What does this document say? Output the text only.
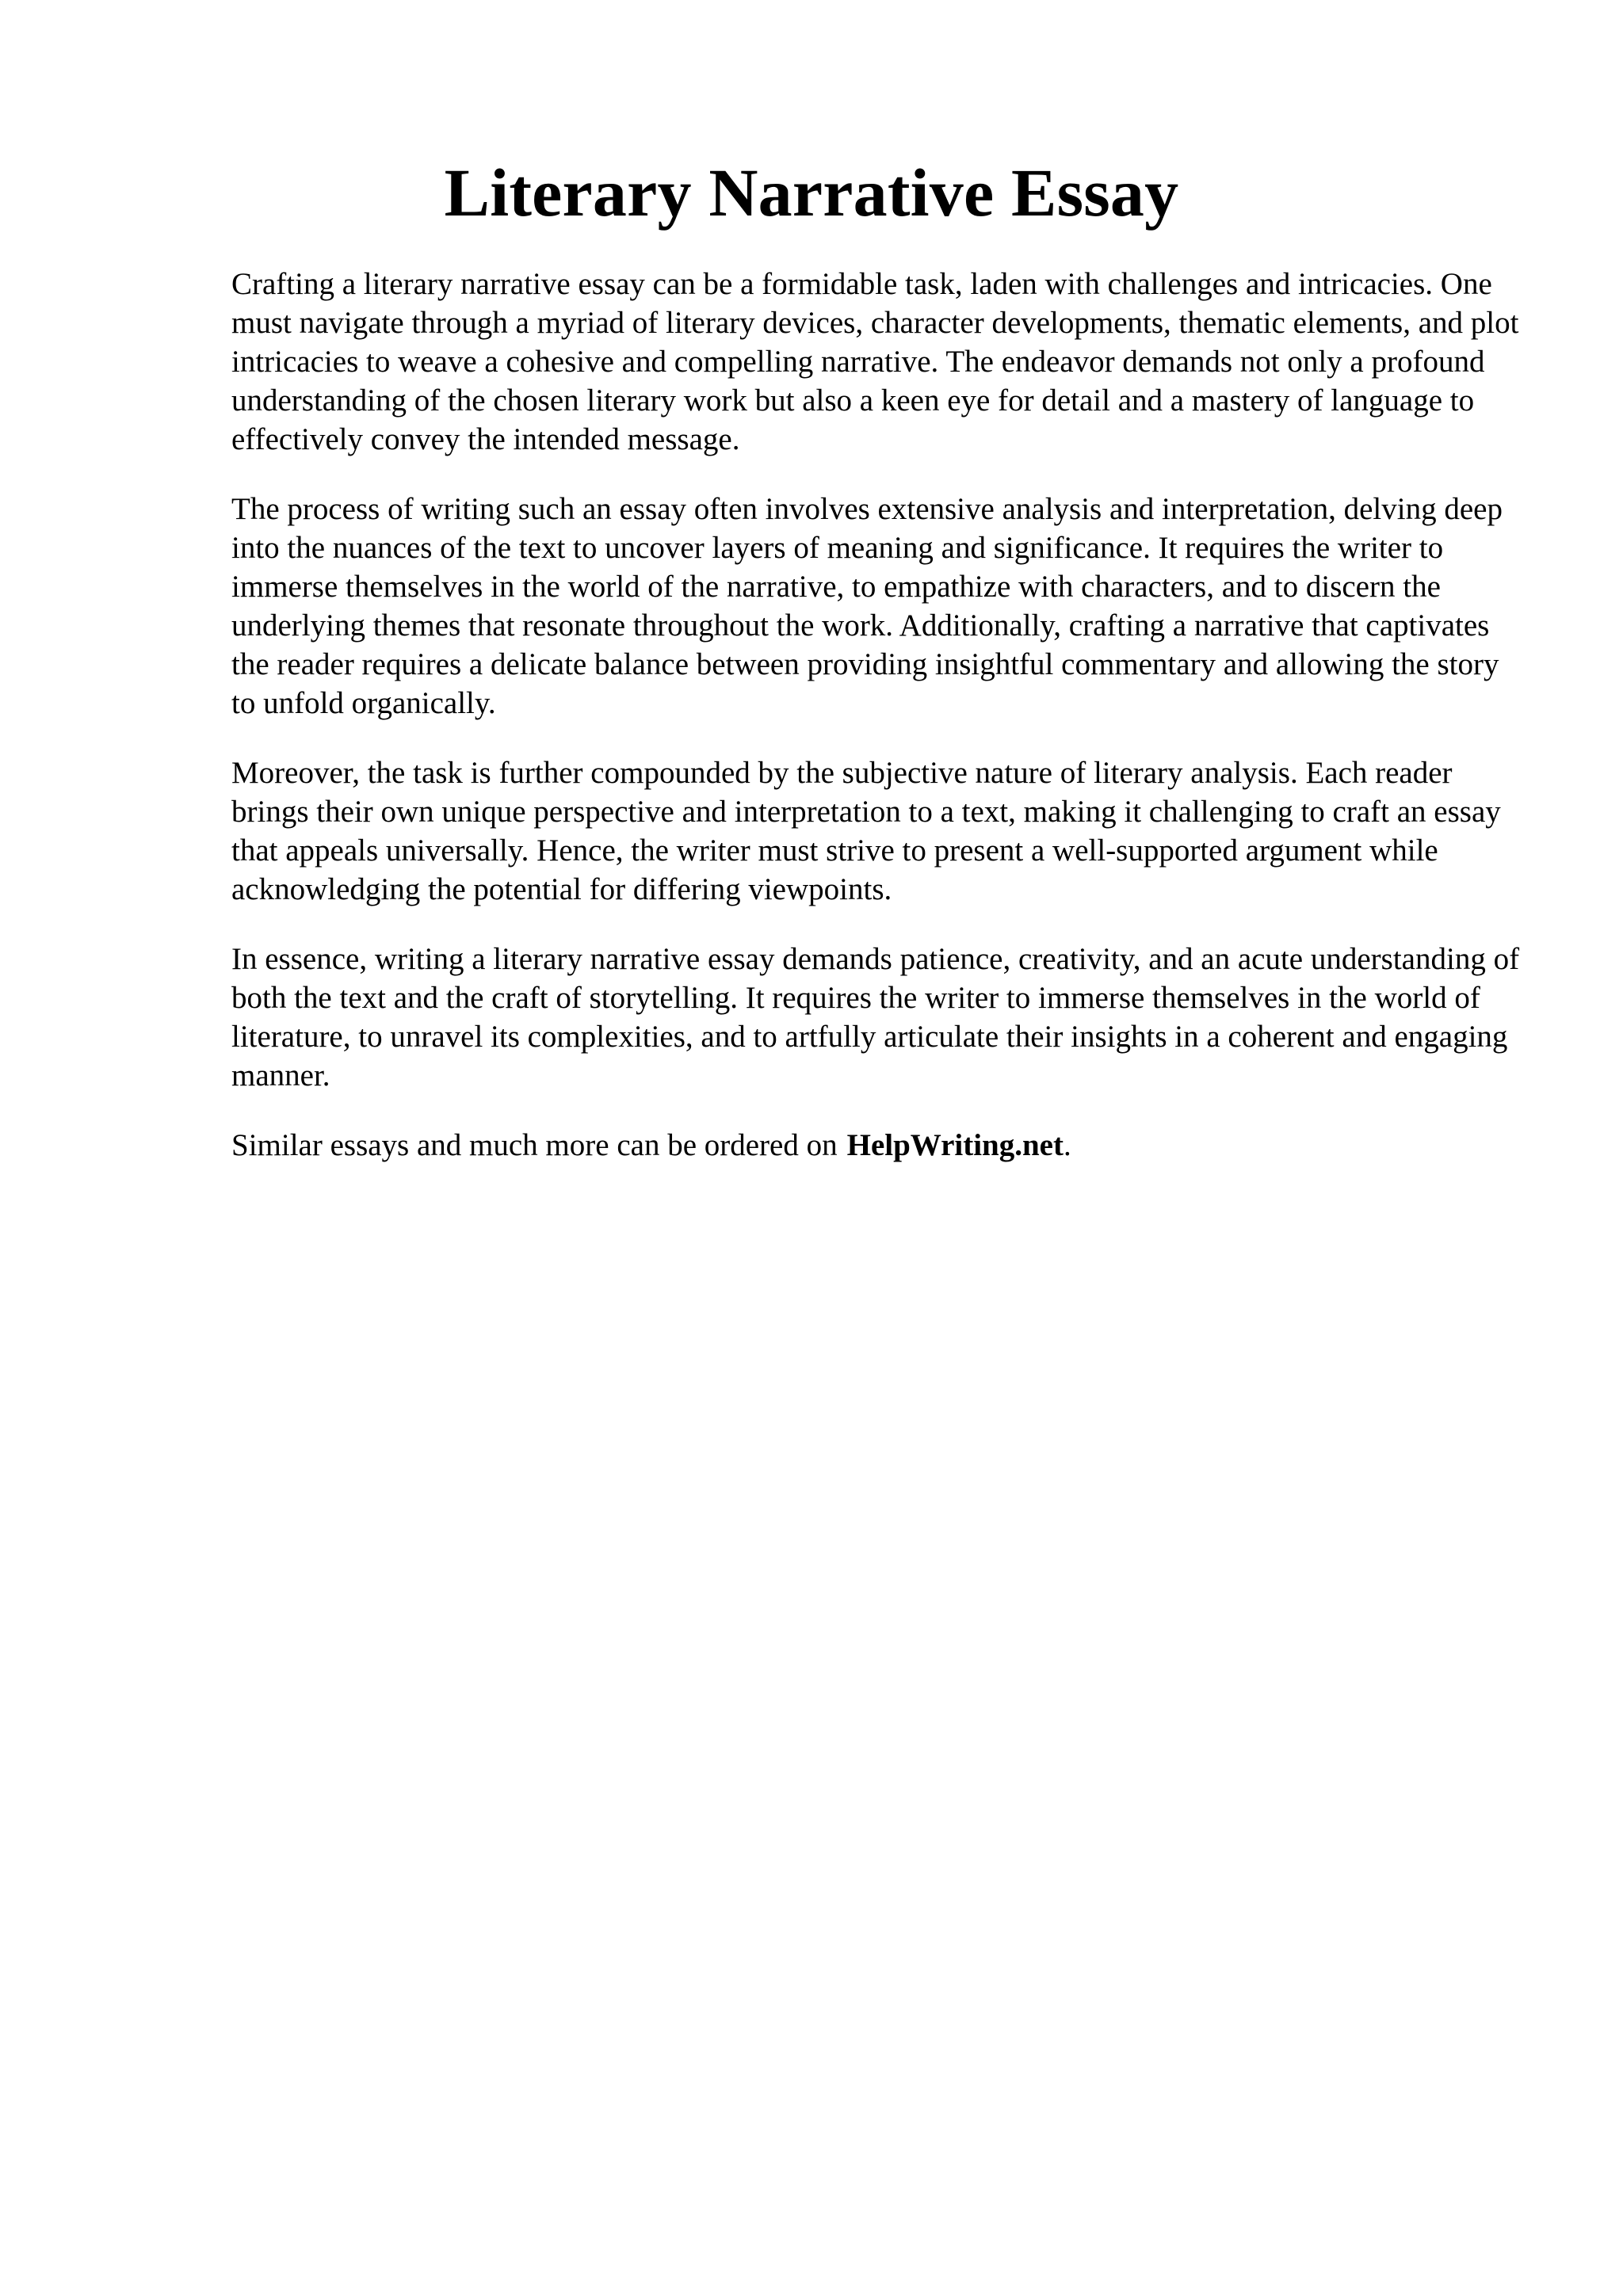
Literary Narrative Essay

Crafting a literary narrative essay can be a formidable task, laden with challenges and intricacies. One must navigate through a myriad of literary devices, character developments, thematic elements, and plot intricacies to weave a cohesive and compelling narrative. The endeavor demands not only a profound understanding of the chosen literary work but also a keen eye for detail and a mastery of language to effectively convey the intended message.

The process of writing such an essay often involves extensive analysis and interpretation, delving deep into the nuances of the text to uncover layers of meaning and significance. It requires the writer to immerse themselves in the world of the narrative, to empathize with characters, and to discern the underlying themes that resonate throughout the work. Additionally, crafting a narrative that captivates the reader requires a delicate balance between providing insightful commentary and allowing the story to unfold organically.

Moreover, the task is further compounded by the subjective nature of literary analysis. Each reader brings their own unique perspective and interpretation to a text, making it challenging to craft an essay that appeals universally. Hence, the writer must strive to present a well-supported argument while acknowledging the potential for differing viewpoints.

In essence, writing a literary narrative essay demands patience, creativity, and an acute understanding of both the text and the craft of storytelling. It requires the writer to immerse themselves in the world of literature, to unravel its complexities, and to artfully articulate their insights in a coherent and engaging manner.

Similar essays and much more can be ordered on HelpWriting.net.
